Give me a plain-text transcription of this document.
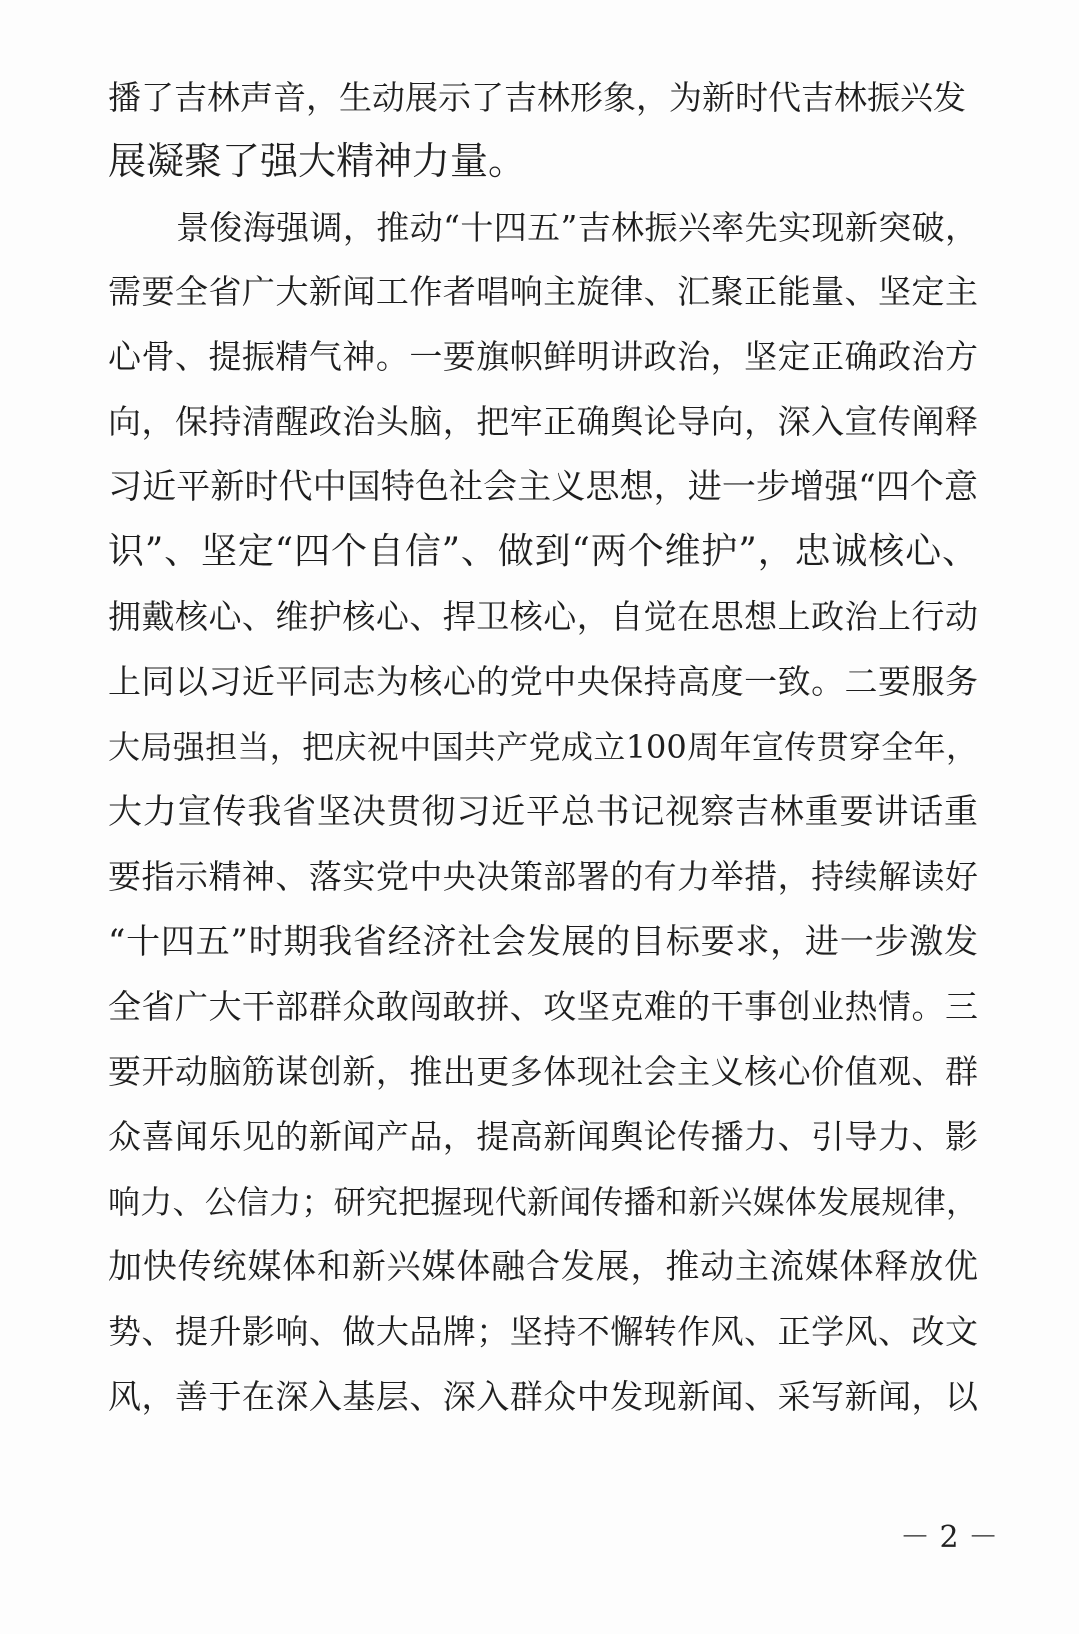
播了吉林声音，生动展示了吉林形象，为新时代吉林振兴发
展凝聚了强大精神力量。
景俊海强调，推动“十四五”吉林振兴率先实现新突破，
需要全省广大新闻工作者唱响主旋律、汇聚正能量、坚定主
心骨、提振精气神。一要旗帜鲜明讲政治，坚定正确政治方
向，保持清醒政治头脑，把牢正确舆论导向，深入宣传阐释
习近平新时代中国特色社会主义思想，进一步增强“四个意
识”、坚定“四个自信”、做到“两个维护”，忠诚核心、
拥戴核心、维护核心、捍卫核心，自觉在思想上政治上行动
上同以习近平同志为核心的党中央保持高度一致。二要服务
大局强担当，把庆祝中国共产党成立100周年宣传贯穿全年，
大力宣传我省坚决贯彻习近平总书记视察吉林重要讲话重
要指示精神、落实党中央决策部署的有力举措，持续解读好
“十四五”时期我省经济社会发展的目标要求，进一步激发
全省广大干部群众敢闯敢拼、攻坚克难的干事创业热情。三
要开动脑筋谋创新，推出更多体现社会主义核心价值观、群
众喜闻乐见的新闻产品，提高新闻舆论传播力、引导力、影
响力、公信力；研究把握现代新闻传播和新兴媒体发展规律，
加快传统媒体和新兴媒体融合发展，推动主流媒体释放优
势、提升影响、做大品牌；坚持不懈转作风、正学风、改文
风，善于在深入基层、深入群众中发现新闻、采写新闻，以
－ 2 －
